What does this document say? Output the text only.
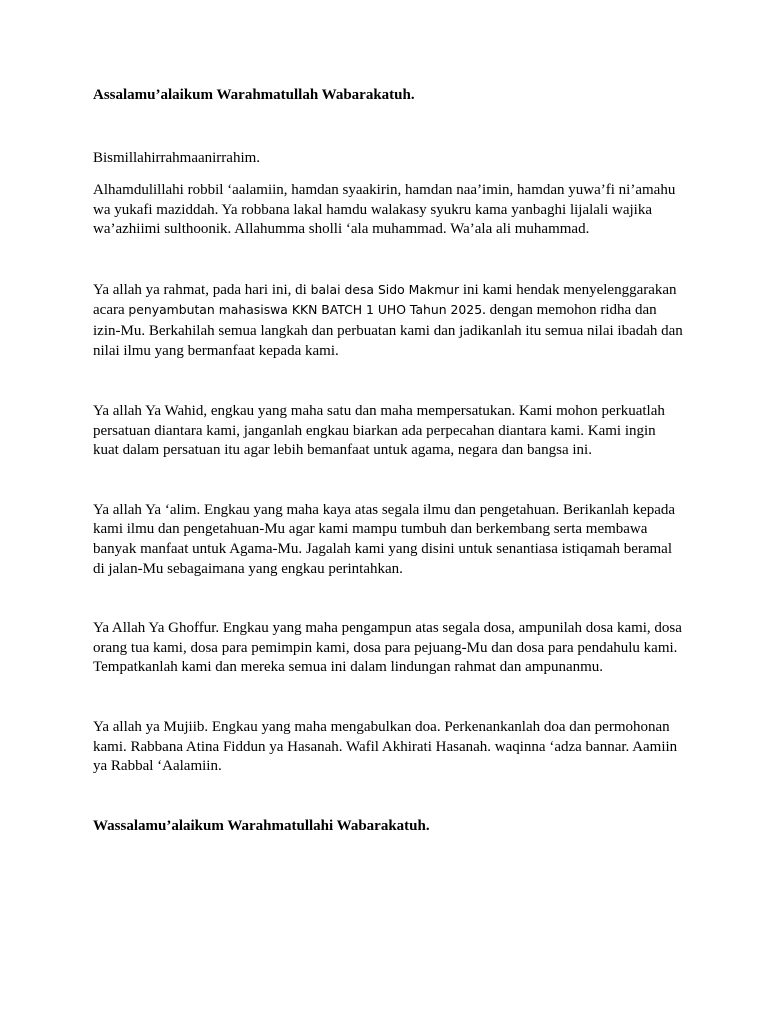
Assalamu’alaikum Warahmatullah Wabarakatuh.

Bismillahirrahmaanirrahim.

Alhamdulillahi robbil ‘aalamiin, hamdan syaakirin, hamdan naa’imin, hamdan yuwa’fi ni’amahu wa yukafi maziddah. Ya robbana lakal hamdu walakasy syukru kama yanbaghi lijalali wajika wa’azhiimi sulthoonik. Allahumma sholli ‘ala muhammad. Wa’ala ali muhammad.

Ya allah ya rahmat, pada hari ini, di balai desa Sido Makmur ini kami hendak menyelenggarakan acara penyambutan mahasiswa KKN BATCH 1 UHO Tahun 2025. dengan memohon ridha dan izin-Mu. Berkahilah semua langkah dan perbuatan kami dan jadikanlah itu semua nilai ibadah dan nilai ilmu yang bermanfaat kepada kami.

Ya allah Ya Wahid, engkau yang maha satu dan maha mempersatukan. Kami mohon perkuatlah persatuan diantara kami, janganlah engkau biarkan ada perpecahan diantara kami. Kami ingin kuat dalam persatuan itu agar lebih bemanfaat untuk agama, negara dan bangsa ini.

Ya allah Ya ‘alim. Engkau yang maha kaya atas segala ilmu dan pengetahuan. Berikanlah kepada kami ilmu dan pengetahuan-Mu agar kami mampu tumbuh dan berkembang serta membawa banyak manfaat untuk Agama-Mu. Jagalah kami yang disini untuk senantiasa istiqamah beramal di jalan-Mu sebagaimana yang engkau perintahkan.

Ya Allah Ya Ghoffur. Engkau yang maha pengampun atas segala dosa, ampunilah dosa kami, dosa orang tua kami, dosa para pemimpin kami, dosa para pejuang-Mu dan dosa para pendahulu kami. Tempatkanlah kami dan mereka semua ini dalam lindungan rahmat dan ampunanmu.

Ya allah ya Mujiib. Engkau yang maha mengabulkan doa. Perkenankanlah doa dan permohonan kami. Rabbana Atina Fiddun ya Hasanah. Wafil Akhirati Hasanah. waqinna ‘adza bannar. Aamiin ya Rabbal ‘Aalamiin.

Wassalamu’alaikum Warahmatullahi Wabarakatuh.
